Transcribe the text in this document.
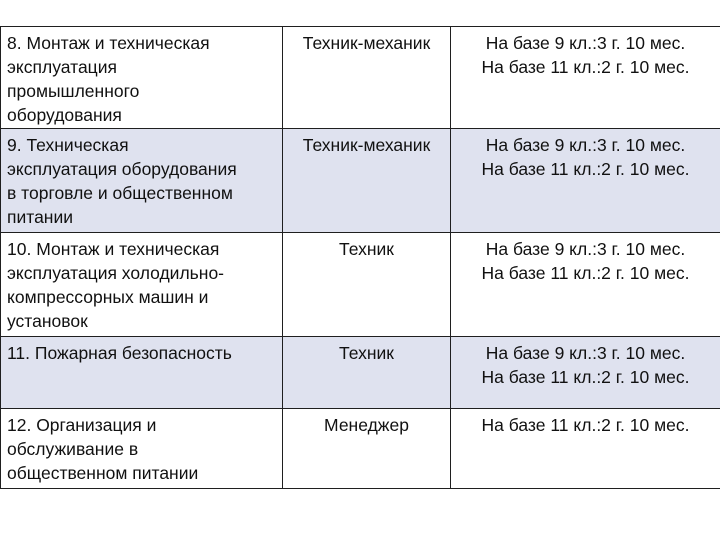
8. Монтаж и техническая
эксплуатация
промышленного
оборудования	Техник-механик	На базе 9 кл.:3 г. 10 мес.
На базе 11 кл.:2 г. 10 мес.

9. Техническая
эксплуатация оборудования
в торговле и общественном
питании	Техник-механик	На базе 9 кл.:3 г. 10 мес.
На базе 11 кл.:2 г. 10 мес.

10. Монтаж и техническая
эксплуатация холодильно-
компрессорных машин и
установок	Техник	На базе 9 кл.:3 г. 10 мес.
На базе 11 кл.:2 г. 10 мес.

11. Пожарная безопасность	Техник	На базе 9 кл.:3 г. 10 мес.
На базе 11 кл.:2 г. 10 мес.

12. Организация и
обслуживание в
общественном питании	Менеджер	На базе 11 кл.:2 г. 10 мес.
